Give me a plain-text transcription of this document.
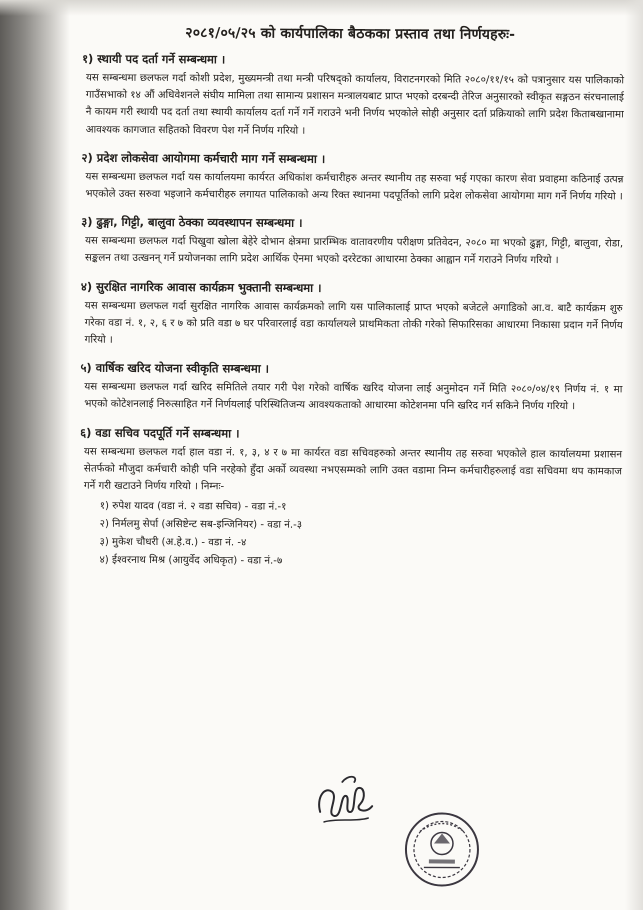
२०८१/०५/२५ को कार्यपालिका बैठकका प्रस्ताव तथा निर्णयहरुः-
१) स्थायी पद दर्ता गर्ने सम्बन्धमा ।

यस सम्बन्धमा छलफल गर्दा कोशी प्रदेश, मुख्यमन्त्री तथा मन्त्री परिषद्को कार्यालय, विराटनगरको मिति २०८०/११/१५ को पत्रानुसार यस पालिकाको गाउँसभाको १४ औं अधिवेशनले संघीय मामिला तथा सामान्य प्रशासन मन्त्रालयबाट प्राप्त भएको दरबन्दी तेरिज अनुसारको स्वीकृत सङ्गठन संरचनालाई नै कायम गरी स्थायी पद दर्ता तथा स्थायी कार्यालय दर्ता गर्ने गर्ने गराउने भनी निर्णय भएकोले सोही अनुसार दर्ता प्रक्रियाको लागि प्रदेश किताबखानामा आवश्यक कागजात सहितको विवरण पेश गर्ने निर्णय गरियो ।

२) प्रदेश लोकसेवा आयोगमा कर्मचारी माग गर्ने सम्बन्धमा ।

यस सम्बन्धमा छलफल गर्दा यस कार्यालयमा कार्यरत अधिकांश कर्मचारीहरु अन्तर स्थानीय तह सरुवा भई गएका कारण सेवा प्रवाहमा कठिनाई उत्पन्न भएकोले उक्त सरुवा भइजाने कर्मचारीहरु लगायत पालिकाको अन्य रिक्त स्थानमा पदपूर्तिको लागि प्रदेश लोकसेवा आयोगमा माग गर्ने निर्णय गरियो ।

३) ढुङ्गा, गिट्टी, बालुवा ठेक्का व्यवस्थापन सम्बन्धमा ।

यस सम्बन्धमा छलफल गर्दा पिखुवा खोला बेहेरे दोभान क्षेत्रमा प्रारम्भिक वातावरणीय परीक्षण प्रतिवेदन, २०८० मा भएको ढुङ्गा, गिट्टी, बालुवा, रोडा, सङ्कलन तथा उत्खनन् गर्ने प्रयोजनका लागि प्रदेश आर्थिक ऐनमा भएको दररेटका आधारमा ठेक्का आह्वान गर्ने गराउने निर्णय गरियो ।

४) सुरक्षित नागरिक आवास कार्यक्रम भुक्तानी सम्बन्धमा ।

यस सम्बन्धमा छलफल गर्दा सुरक्षित नागरिक आवास कार्यक्रमको लागि यस पालिकालाई प्राप्त भएको बजेटले अगाडिको आ.व. बाटै कार्यक्रम शुरु गरेका वडा नं. १, २, ६ र ७ को प्रति वडा ७ घर परिवारलाई वडा कार्यालयले प्राथमिकता तोकी गरेको सिफारिसका आधारमा निकासा प्रदान गर्ने निर्णय गरियो ।

५) वार्षिक खरिद योजना स्वीकृति सम्बन्धमा ।

यस सम्बन्धमा छलफल गर्दा खरिद समितिले तयार गरी पेश गरेको वार्षिक खरिद योजना लाई अनुमोदन गर्ने मिति २०८०/०४/१९ निर्णय नं. १ मा भएको कोटेशनलाई निरुत्साहित गर्ने निर्णयलाई परिस्थितिजन्य आवश्यकताको आधारमा कोटेशनमा पनि खरिद गर्न सकिने निर्णय गरियो ।

६) वडा सचिव पदपूर्ति गर्ने सम्बन्धमा ।

यस सम्बन्धमा छलफल गर्दा हाल वडा नं. १, ३, ४ र ७ मा कार्यरत वडा सचिवहरुको अन्तर स्थानीय तह सरुवा भएकोले हाल कार्यालयमा प्रशासन सेतर्फको मौजुदा कर्मचारी कोही पनि नरहेको हुँदा अर्को व्यवस्था नभएसम्मको लागि उक्त वडामा निम्न कर्मचारीहरुलाई वडा सचिवमा थप कामकाज गर्ने गरी खटाउने निर्णय गरियो । निम्नः-

१) रुपेश यादव (वडा नं. २ वडा सचिव) - वडा नं.-१
२) निर्मलमु सेर्पा (असिष्टेन्ट सब-इन्जिनियर) - वडा नं.-३
३) मुकेश चौधरी (अ.हे.व.) - वडा नं. -४
४) ईश्वरनाथ मिश्र (आयुर्वेद अधिकृत) - वडा नं.-७
